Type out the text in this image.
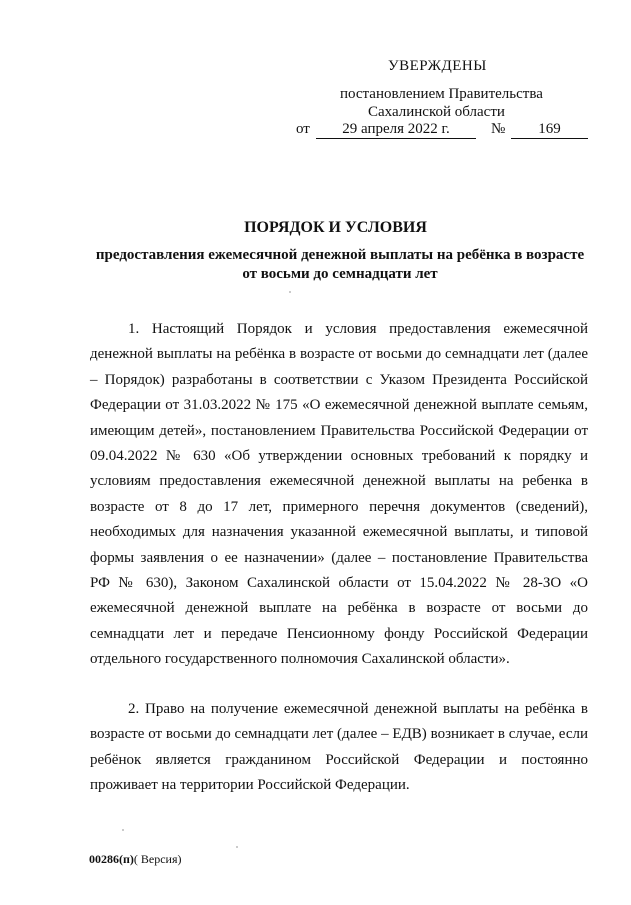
УВЕРЖДЕНЫ
постановлением Правительства
Сахалинской области
от	29 апреля 2022 г.	№	169
ПОРЯДОК И УСЛОВИЯ
предоставления ежемесячной денежной выплаты на ребёнка в возрасте от восьми до семнадцати лет
1. Настоящий Порядок и условия предоставления ежемесячной денежной выплаты на ребёнка в возрасте от восьми до семнадцати лет (далее – Порядок) разработаны в соответствии с Указом Президента Российской Федерации от 31.03.2022 № 175 «О ежемесячной денежной выплате семьям, имеющим детей», постановлением Правительства Российской Федерации от 09.04.2022 № 630 «Об утверждении основных требований к порядку и условиям предоставления ежемесячной денежной выплаты на ребенка в возрасте от 8 до 17 лет, примерного перечня документов (сведений), необходимых для назначения указанной ежемесячной выплаты, и типовой формы заявления о ее назначении» (далее – постановление Правительства РФ № 630), Законом Сахалинской области от 15.04.2022 № 28-ЗО «О ежемесячной денежной выплате на ребёнка в возрасте от восьми до семнадцати лет и передаче Пенсионному фонду Российской Федерации отдельного государственного полномочия Сахалинской области».
2. Право на получение ежемесячной денежной выплаты на ребёнка в возрасте от восьми до семнадцати лет (далее – ЕДВ) возникает в случае, если ребёнок является гражданином Российской Федерации и постоянно проживает на территории Российской Федерации.
00286(п)( Версия)
